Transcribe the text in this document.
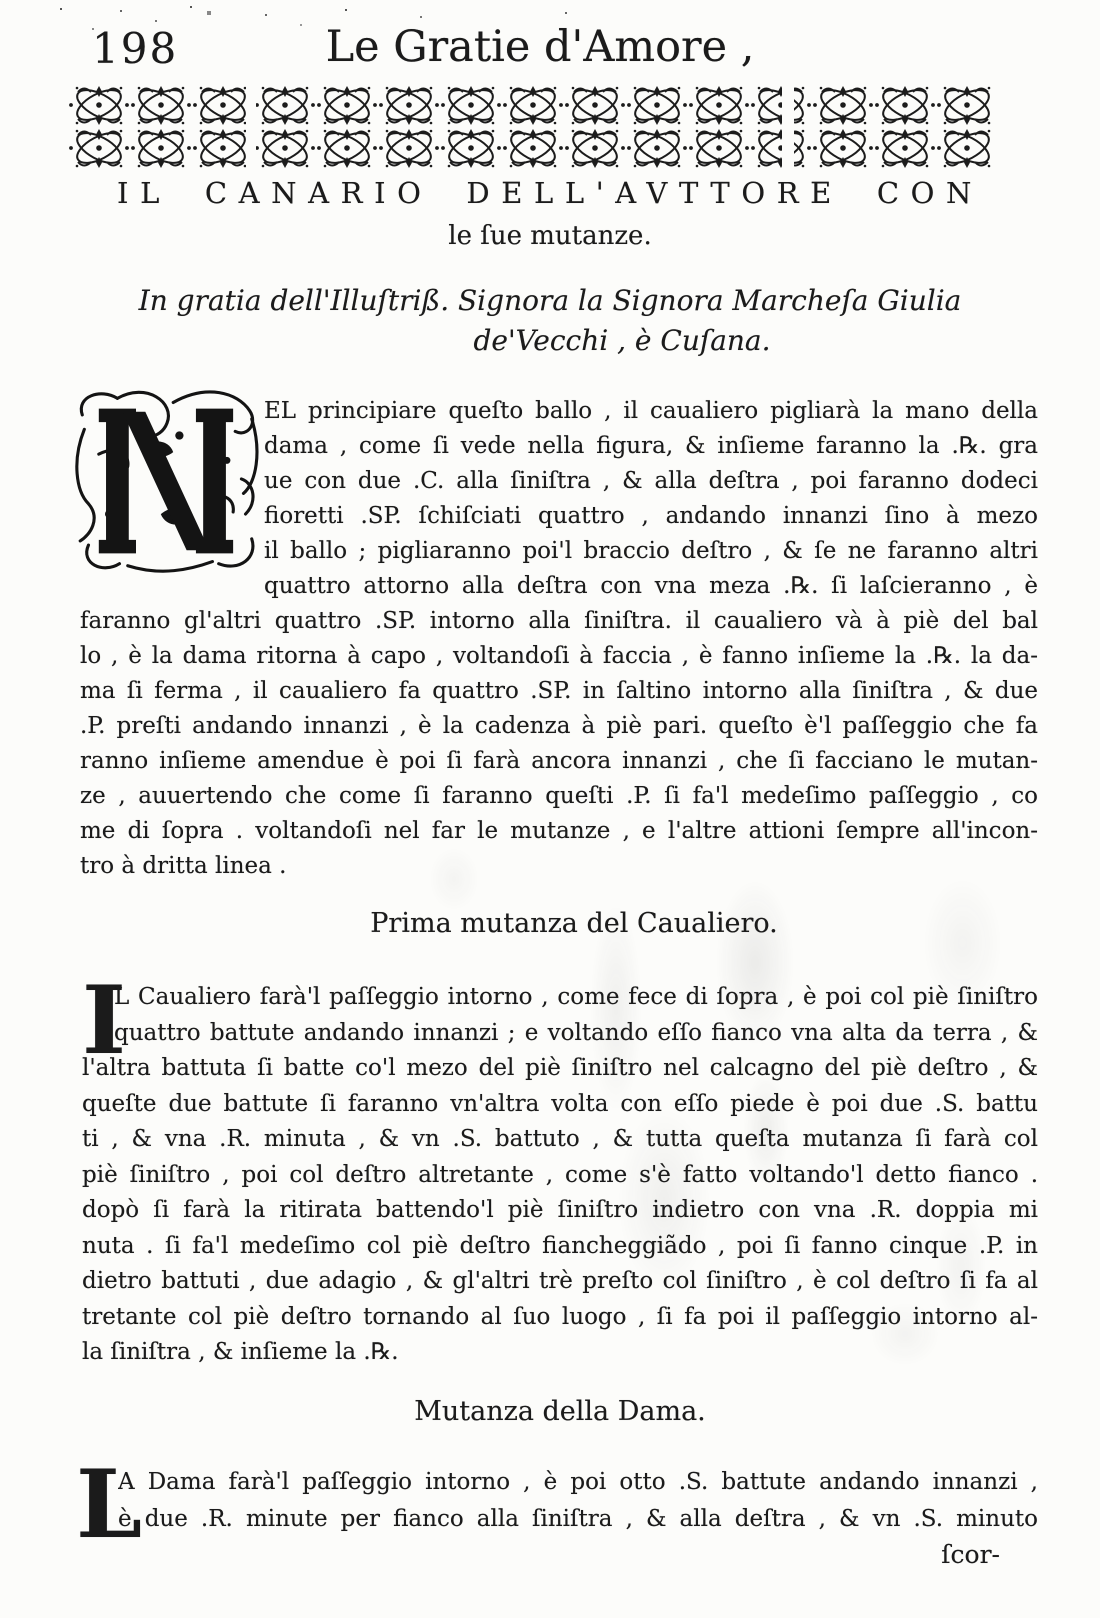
198	Le Gratie d'Amore ,
IL CANARIO DELL'AVTTORE CON
le ſue mutanze.
In gratia dell'Illuſtriß. Signora la Signora Marcheſa Giulia
de'Vecchi , è Cuſana.
EL principiare queſto ballo , il caualiero pigliarà la mano della
dama , come ſi vede nella figura, & inſieme faranno la .℞. gra
ue con due .C. alla ſiniſtra , & alla deſtra , poi faranno dodeci
fioretti .SP. ſchiſciati quattro , andando innanzi ſino à mezo
il ballo ; pigliaranno poi'l braccio deſtro , & ſe ne faranno altri
quattro attorno alla deſtra con vna meza .℞. ſi laſcieranno , è
faranno gl'altri quattro .SP. intorno alla ſiniſtra. il caualiero và à piè del bal
lo , è la dama ritorna à capo , voltandoſi à faccia , è fanno inſieme la .℞. la da-
ma ſi ferma , il caualiero fa quattro .SP. in ſaltino intorno alla ſiniſtra , & due
.P. preſti andando innanzi , è la cadenza à piè pari. queſto è'l paſſeggio che fa
ranno inſieme amendue è poi ſi farà ancora innanzi , che ſi facciano le mutan-
ze , auuertendo che come ſi faranno queſti .P. ſi fa'l medeſimo paſſeggio , co
me di ſopra . voltandoſi nel far le mutanze , e l'altre attioni ſempre all'incon-
tro à dritta linea .
Prima mutanza del Caualiero.
I
L Caualiero farà'l paſſeggio intorno , come fece di ſopra , è poi col piè ſiniſtro
quattro battute andando innanzi ; e voltando eſſo fianco vna alta da terra , &
l'altra battuta ſi batte co'l mezo del piè ſiniſtro nel calcagno del piè deſtro , &
queſte due battute ſi faranno vn'altra volta con eſſo piede è poi due .S. battu
ti , & vna .R. minuta , & vn .S. battuto , & tutta queſta mutanza ſi farà col
piè ſiniſtro , poi col deſtro altretante , come s'è fatto voltando'l detto fianco .
dopò ſi farà la ritirata battendo'l piè ſiniſtro indietro con vna .R. doppia mi
nuta . ſi fa'l medeſimo col piè deſtro fiancheggiãdo , poi ſi fanno cinque .P. in
dietro battuti , due adagio , & gl'altri trè preſto col ſiniſtro , è col deſtro ſi fa al
tretante col piè deſtro tornando al ſuo luogo , ſi fa poi il paſſeggio intorno al-
la ſiniſtra , & inſieme la .℞.
Mutanza della Dama.
L
A Dama farà'l paſſeggio intorno , è poi otto .S. battute andando innanzi ,
è due .R. minute per fianco alla ſiniſtra , & alla deſtra , & vn .S. minuto
ſcor-
